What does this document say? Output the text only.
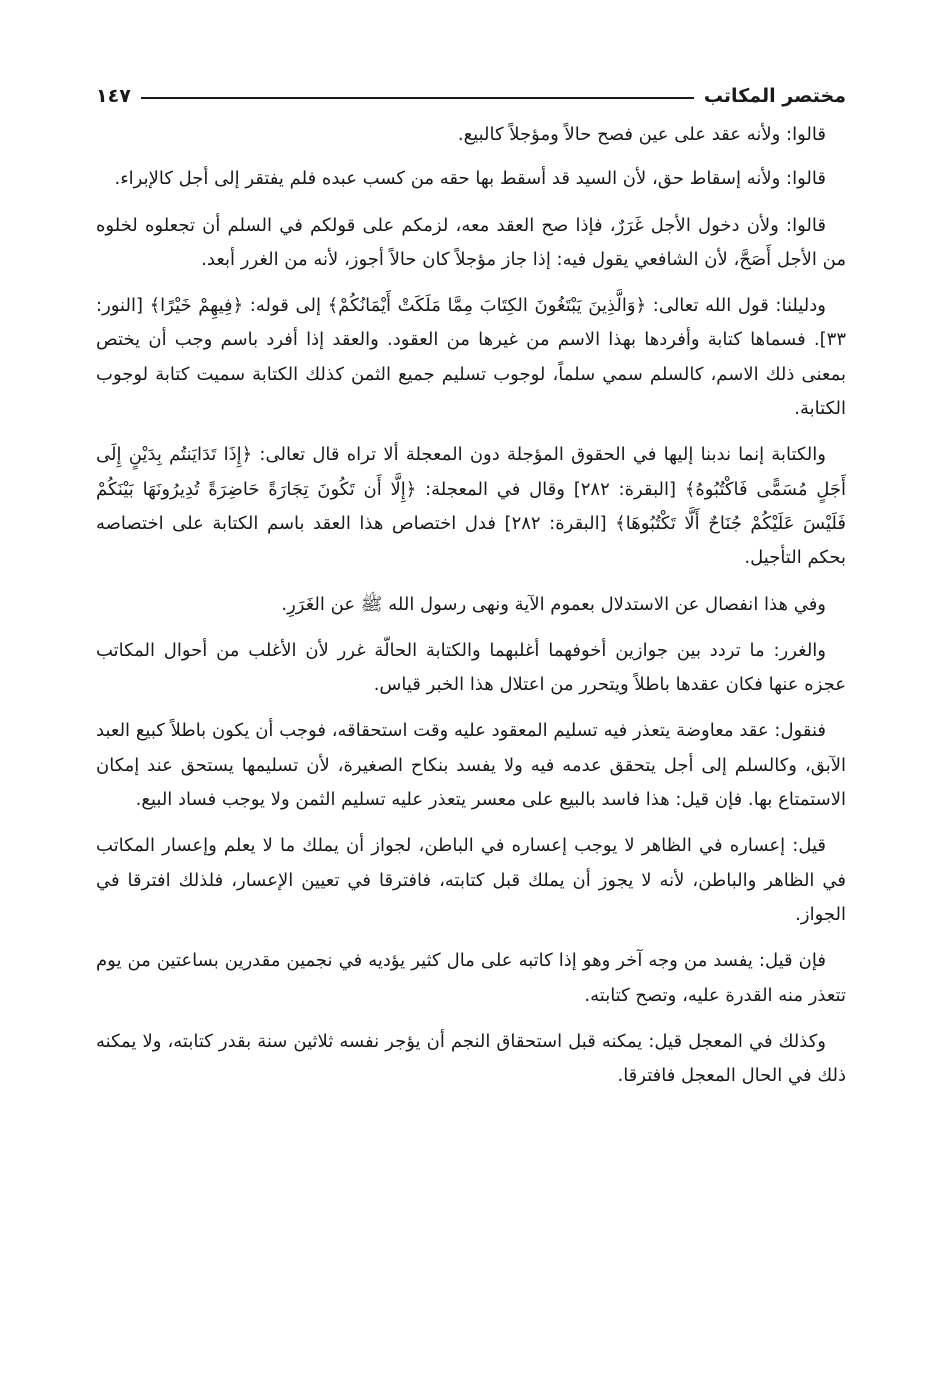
مختصر المكاتب
١٤٧

قالوا: ولأنه عقد على عين فصح حالاً ومؤجلاً كالبيع.

قالوا: ولأنه إسقاط حق، لأن السيد قد أسقط بها حقه من كسب عبده فلم يفتقر إلى أجل كالإبراء.

قالوا: ولأن دخول الأجل غَرَرٌ، فإذا صح العقد معه، لزمكم على قولكم في السلم أن تجعلوه لخلوه من الأجل أَصَحَّ، لأن الشافعي يقول فيه: إذا جاز مؤجلاً كان حالاً أجوز، لأنه من الغرر أبعد.

ودليلنا: قول الله تعالى: ﴿وَالَّذِينَ يَبْتَغُونَ الكِتَابَ مِمَّا مَلَكَتْ أَيْمَانُكُمْ﴾ إلى قوله: ﴿فِيهِمْ خَيْرًا﴾ [النور: ٣٣]. فسماها كتابة وأفردها بهذا الاسم من غيرها من العقود. والعقد إذا أفرد باسم وجب أن يختص بمعنى ذلك الاسم، كالسلم سمي سلماً، لوجوب تسليم جميع الثمن كذلك الكتابة سميت كتابة لوجوب الكتابة.

والكتابة إنما ندبنا إليها في الحقوق المؤجلة دون المعجلة ألا تراه قال تعالى: ﴿إِذَا تَدَايَنتُم بِدَيْنٍ إِلَى أَجَلٍ مُسَمًّى فَاكْتُبُوهُ﴾ [البقرة: ٢٨٢] وقال في المعجلة: ﴿إِلَّا أَن تَكُونَ تِجَارَةً حَاضِرَةً تُدِيرُونَهَا بَيْنَكُمْ فَلَيْسَ عَلَيْكُمْ جُنَاحٌ أَلَّا تَكْتُبُوهَا﴾ [البقرة: ٢٨٢] فدل اختصاص هذا العقد باسم الكتابة على اختصاصه بحكم التأجيل.

وفي هذا انفصال عن الاستدلال بعموم الآية ونهى رسول الله ﷺ عن الغَرَرِ.

والغرر: ما تردد بين جوازين أخوفهما أغلبهما والكتابة الحالّة غرر لأن الأغلب من أحوال المكاتب عجزه عنها فكان عقدها باطلاً ويتحرر من اعتلال هذا الخبر قياس.

فنقول: عقد معاوضة يتعذر فيه تسليم المعقود عليه وقت استحقاقه، فوجب أن يكون باطلاً كبيع العبد الآبق، وكالسلم إلى أجل يتحقق عدمه فيه ولا يفسد بنكاح الصغيرة، لأن تسليمها يستحق عند إمكان الاستمتاع بها. فإن قيل: هذا فاسد بالبيع على معسر يتعذر عليه تسليم الثمن ولا يوجب فساد البيع.

قيل: إعساره في الظاهر لا يوجب إعساره في الباطن، لجواز أن يملك ما لا يعلم وإعسار المكاتب في الظاهر والباطن، لأنه لا يجوز أن يملك قبل كتابته، فافترقا في تعيين الإعسار، فلذلك افترقا في الجواز.

فإن قيل: يفسد من وجه آخر وهو إذا كاتبه على مال كثير يؤديه في نجمين مقدرين بساعتين من يوم تتعذر منه القدرة عليه، وتصح كتابته.

وكذلك في المعجل قيل: يمكنه قبل استحقاق النجم أن يؤجر نفسه ثلاثين سنة بقدر كتابته، ولا يمكنه ذلك في الحال المعجل فافترقا.
